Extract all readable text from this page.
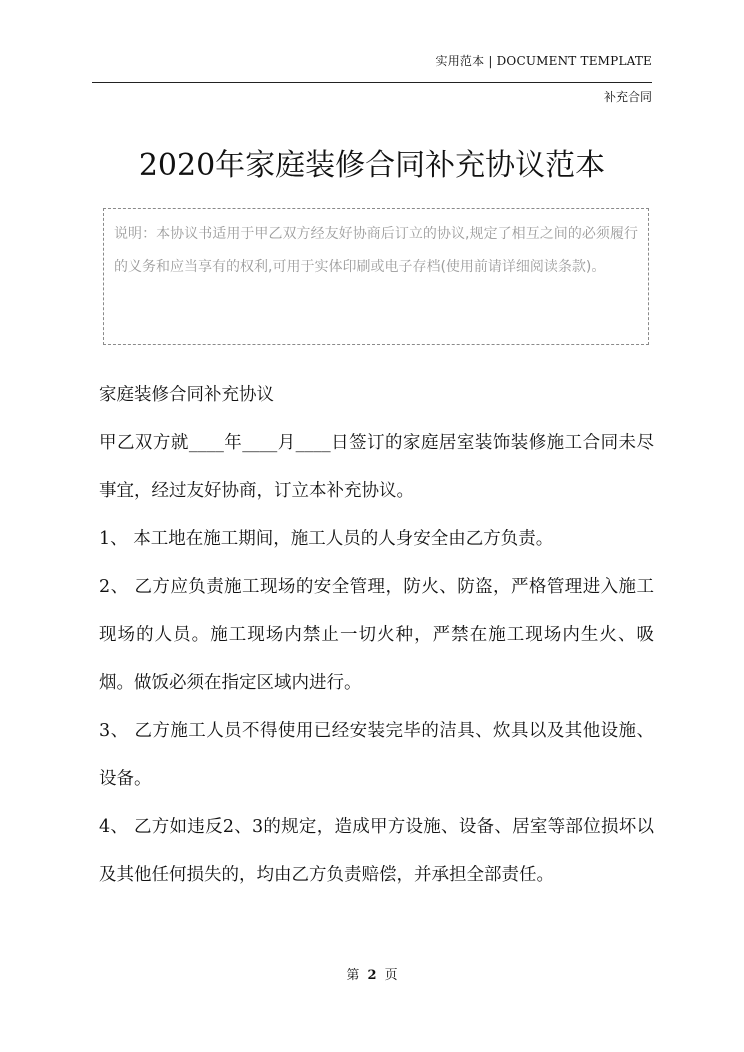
实用范本 | DOCUMENT TEMPLATE
补充合同
2020年家庭装修合同补充协议范本
说明：本协议书适用于甲乙双方经友好协商后订立的协议,规定了相互之间的必须履行的义务和应当享有的权利,可用于实体印刷或电子存档(使用前请详细阅读条款)。

家庭装修合同补充协议

甲乙双方就____年____月____日签订的家庭居室装饰装修施工合同未尽事宜，经过友好协商，订立本补充协议。

1、 本工地在施工期间，施工人员的人身安全由乙方负责。

2、 乙方应负责施工现场的安全管理，防火、防盗，严格管理进入施工现场的人员。施工现场内禁止一切火种，严禁在施工现场内生火、吸烟。做饭必须在指定区域内进行。

3、 乙方施工人员不得使用已经安装完毕的洁具、炊具以及其他设施、设备。

4、 乙方如违反2、3的规定，造成甲方设施、设备、居室等部位损坏以及其他任何损失的，均由乙方负责赔偿，并承担全部责任。

第 2 页
